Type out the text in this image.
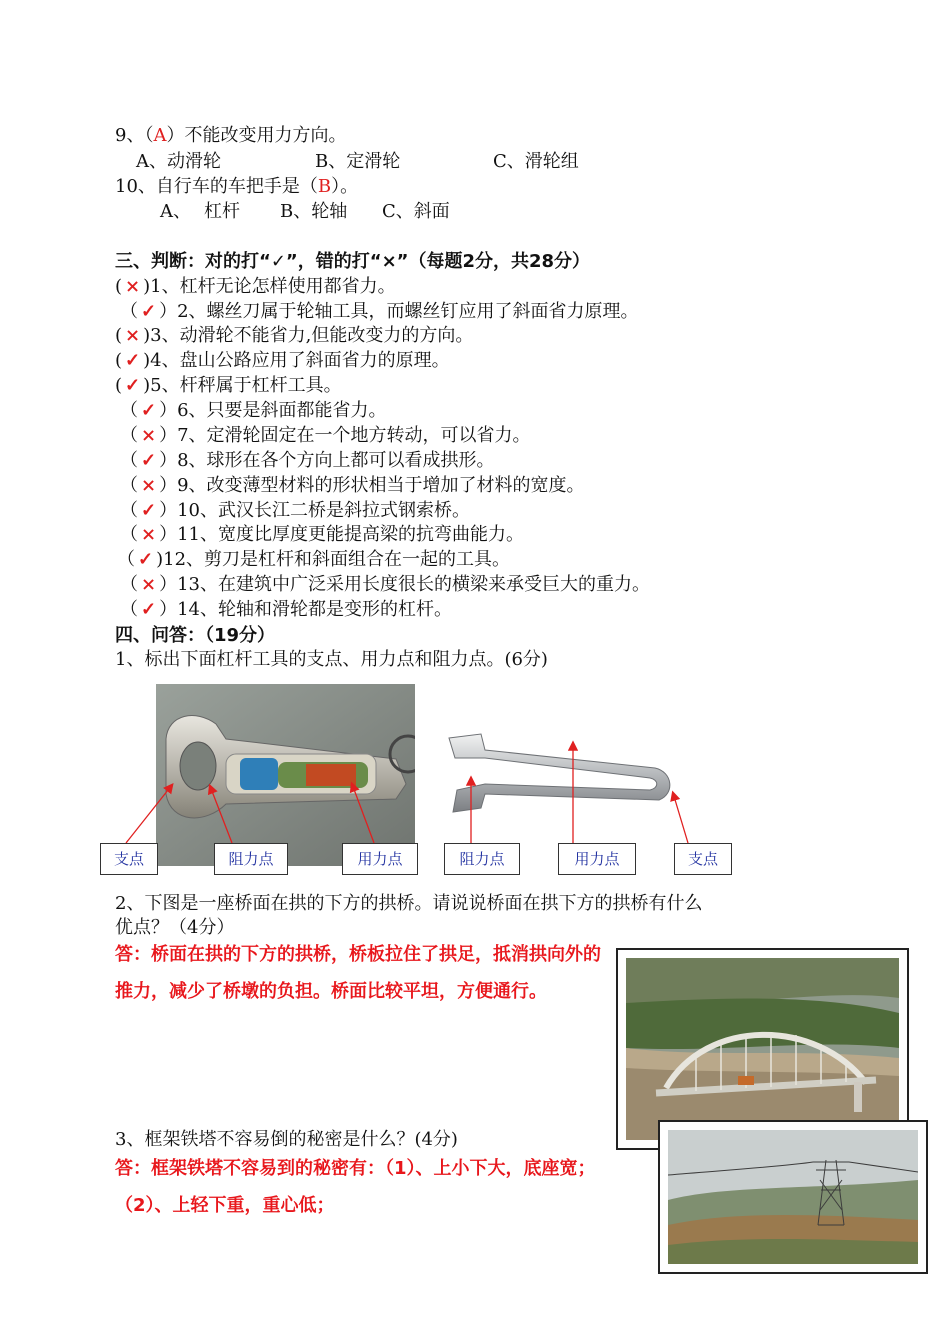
9、（A）不能改变用力方向。
A、动滑轮	B、定滑轮	C、滑轮组
10、自行车的车把手是（B）。
A、 杠杆 B、轮轴 C、斜面
三、判断：对的打“✓”，错的打“×”（每题2分，共28分）
( × )1、杠杆无论怎样使用都省力。
（ ✓ ）2、螺丝刀属于轮轴工具，而螺丝钉应用了斜面省力原理。
( × )3、动滑轮不能省力,但能改变力的方向。
( ✓ )4、盘山公路应用了斜面省力的原理。
( ✓ )5、杆秤属于杠杆工具。
（ ✓ ）6、只要是斜面都能省力。
（ × ）7、定滑轮固定在一个地方转动，可以省力。
（ ✓ ）8、球形在各个方向上都可以看成拱形。
（ × ）9、改变薄型材料的形状相当于增加了材料的宽度。
（ ✓ ）10、武汉长江二桥是斜拉式钢索桥。
（ × ）11、宽度比厚度更能提高梁的抗弯曲能力。
（ ✓ )12、剪刀是杠杆和斜面组合在一起的工具。
（ × ）13、在建筑中广泛采用长度很长的横梁来承受巨大的重力。
（ ✓ ）14、轮轴和滑轮都是变形的杠杆。
四、问答：（19分）
1、标出下面杠杆工具的支点、用力点和阻力点。(6分)
支点	阻力点	用力点	阻力点	用力点	支点
2、下图是一座桥面在拱的下方的拱桥。请说说桥面在拱下方的拱桥有什么
优点？（4分）
答：桥面在拱的下方的拱桥，桥板拉住了拱足，抵消拱向外的推力，减少了桥墩的负担。桥面比较平坦，方便通行。
3、框架铁塔不容易倒的秘密是什么？(4分)
答：框架铁塔不容易到的秘密有：（1）、上小下大，底座宽；（2）、上轻下重，重心低；
